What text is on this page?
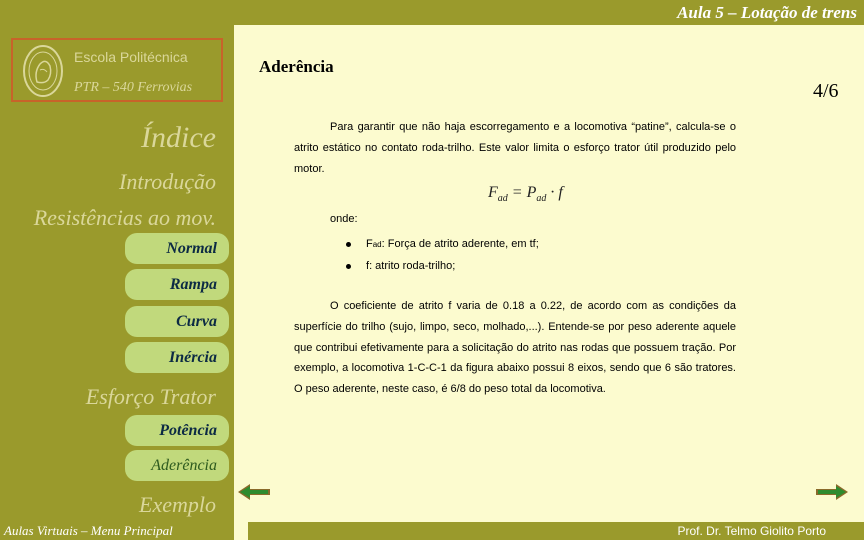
Aula 5 – Lotação de trens
Escola Politécnica
PTR – 540 Ferrovias
Índice
Introdução
Resistências ao mov.
Normal
Rampa
Curva
Inércia
Esforço Trator
Potência
Aderência
Exemplo
Aderência
4/6

Para garantir que não haja escorregamento e a locomotiva “patine”, calcula-se o atrito estático no contato roda-trilho. Este valor limita o esforço trator útil produzido pelo motor.

$F_{ad} = P_{ad} \cdot f$
onde:
F ad : Força de atrito aderente, em tf;
f : atrito roda-trilho;

O coeficiente de atrito f varia de 0.18 a 0.22, de acordo com as condições da superfície do trilho (sujo, limpo, seco, molhado,...). Entende-se por peso aderente aquele que contribui efetivamente para a solicitação do atrito nas rodas que possuem tração. Por exemplo, a locomotiva 1-C-C-1 da figura abaixo possui 8 eixos, sendo que 6 são tratores. O peso aderente, neste caso, é 6/8 do peso total da locomotiva.

Aulas Virtuais – Menu Principal	Prof. Dr. Telmo Giolito Porto
